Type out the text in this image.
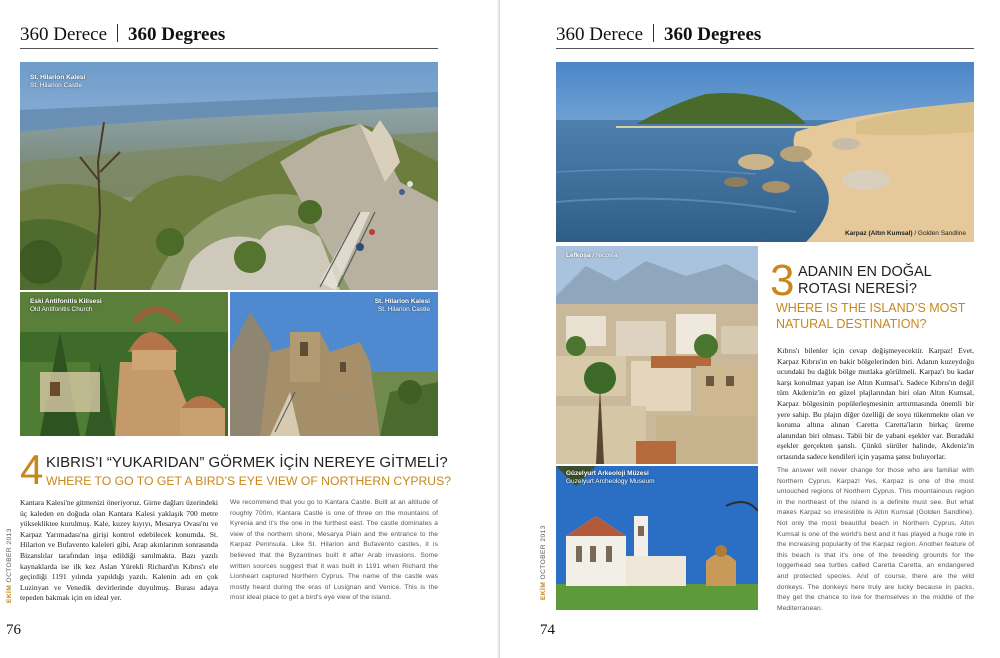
360 Derece 360 Degrees
St. Hilarion Kalesi
St. Hilarion Castle
Eski Antifonitis Kilisesi
Old Antifonitis Church
St. Hilarion Kalesi
St. Hilarion Castle
4 KIBRIS’I “YUKARIDAN” GÖRMEK İÇİN NEREYE GİTMELİ?
WHERE TO GO TO GET A BIRD’S EYE VIEW OF NORTHERN CYPRUS?

Kantara Kalesi'ne gitmenizi öneriyoruz. Girne dağları üzerindeki üç kaleden en doğuda olan Kantara Kalesi yaklaşık 700 metre yüksekliktee kurulmuş. Kale, kuzey kıyıyı, Mesarya Ovası'nı ve Karpaz Yarımadası'na girişi kontrol edebilecek konumda. St. Hilarion ve Bufavento kaleleri gibi, Arap akınlarının sonrasında Bizanslılar tarafından inşa edildiği sanılmakta. Bazı yazılı kaynaklarda ise ilk kez Aslan Yürekli Richard'ın Kıbrıs'ı ele geçirdiği 1191 yılında yapıldığı yazılı. Kalenin adı en çok Luzinyan ve Venedik devirlerinde duyulmuş. Burası adaya tepeden bakmak için en ideal yer.

We recommend that you go to Kantara Castle. Built at an altitude of roughly 700m, Kantara Castle is one of three on the mountains of Kyrenia and it's the one in the furthest east. The castle dominates a view of the northern shore, Mesarya Plain and the entrance to the Karpaz Peninsula. Like St. Hilarion and Bufavento castles, it is believed that the Byzantines built it after Arab invasions. Some written sources suggest that it was built in 1191 when Richard the Lionheart captured Northern Cyprus. The name of the castle was mostly heard during the eras of Lusignan and Venice. This is the most ideal place to get a bird's eye view of the island.

EKİM OCTOBER 2013
76
360 Derece 360 Degrees
Karpaz (Altın Kumsal) / Golden Sandline
Lefkoşa / Nicosia
Güzelyurt Arkeoloji Müzesi
Guzelyurt Archeology Museum
3 ADANIN EN DOĞAL
ROTASI NERESİ?
WHERE IS THE ISLAND’S MOST
NATURAL DESTINATION?

Kıbrıs'ı bilenler için cevap değişmeyecektir. Karpaz! Evet, Karpaz Kıbrıs'ın en bakir bölgelerinden biri. Adanın kuzeydoğu ucundaki bu dağlık bölge mutlaka görülmeli. Karpaz'ı bu kadar karşı konulmaz yapan ise Altın Kumsal'ı. Sadece Kıbrıs'ın değil tüm Akdeniz'in en güzel plajlarından biri olan Altın Kumsal, Karpaz bölgesinin popülerleşmesinin arttırmasında önemli bir yere sahip. Bu plajın diğer özelliği de soyu tükenmekte olan ve koruma altına alınan Caretta Caretta'ların birkaç üreme alanından biri olması. Tabii bir de yabani eşekler var. Buradaki eşekler gerçekten şanslı. Çünkü sürüler halinde, Akdeniz'in ortasında sadece kendileri için yaşama şansı buluyorlar.

The answer will never change for those who are familiar with Northern Cyprus. Karpaz! Yes, Karpaz is one of the most untouched regions of Northern Cyprus. This mountainous region in the northeast of the island is a definite must see. But what makes Karpaz so irresistible is Altın Kumsal (Golden Sandline). Not only the most beautiful beach in Northern Cyprus, Altın Kumsal is one of the world's best and it has played a huge role in the increasing popularity of the Karpaz region. Another feature of this beach is that it's one of the breeding grounds for the loggerhead sea turtles called Caretta Caretta, an endangered and protected species. And of course, there are the wild donkeys. The donkeys here truly are lucky because in packs, they get the chance to live for themselves in the middle of the Mediterranean.

EKİM OCTOBER 2013
74
